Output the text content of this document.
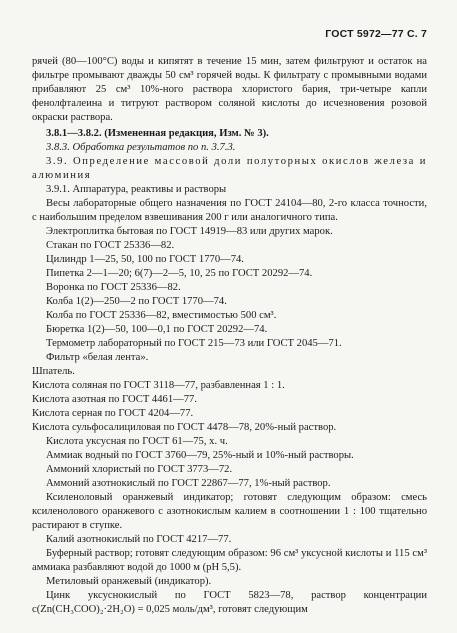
ГОСТ 5972—77 С. 7

рячей (80—100°С) воды и кипятят в течение 15 мин, затем фильтруют и остаток на фильтре промывают дважды 50 см³ горячей воды. К фильтрату с промывными водами прибавляют 25 см³ 10%-ного раствора хлористого бария, три-четыре капли фенолфталеина и титруют раствором соляной кислоты до исчезновения розовой окраски раствора.

3.8.1—3.8.2. (Измененная редакция, Изм. № 3).

3.8.3. Обработка результатов по п. 3.7.3.

3.9. Определение массовой доли полуторных окислов железа и алюминия

3.9.1. Аппаратура, реактивы и растворы

Весы лабораторные общего назначения по ГОСТ 24104—80, 2-го класса точности, с наибольшим пределом взвешивания 200 г или аналогичного типа.

Электроплитка бытовая по ГОСТ 14919—83 или других марок.

Стакан по ГОСТ 25336—82.

Цилиндр 1—25, 50, 100 по ГОСТ 1770—74.

Пипетка 2—1—20; 6(7)—2—5, 10, 25 по ГОСТ 20292—74.

Воронка по ГОСТ 25336—82.

Колба 1(2)—250—2 по ГОСТ 1770—74.

Колба по ГОСТ 25336—82, вместимостью 500 см³.

Бюретка 1(2)—50, 100—0,1 по ГОСТ 20292—74.

Термометр лабораторный по ГОСТ 215—73 или ГОСТ 2045—71.

Фильтр «белая лента».

Шпатель.

Кислота соляная по ГОСТ 3118—77, разбавленная 1 : 1.

Кислота азотная по ГОСТ 4461—77.

Кислота серная по ГОСТ 4204—77.

Кислота сульфосалициловая по ГОСТ 4478—78, 20%-ный раствор.

Кислота уксусная по ГОСТ 61—75, х. ч.

Аммиак водный по ГОСТ 3760—79, 25%-ный и 10%-ный растворы.

Аммоний хлористый по ГОСТ 3773—72.

Аммоний азотнокислый по ГОСТ 22867—77, 1%-ный раствор.

Ксиленоловый оранжевый индикатор; готовят следующим образом: смесь ксиленолового оранжевого с азотнокислым калием в соотношении 1 : 100 тщательно растирают в ступке.

Калий азотнокислый по ГОСТ 4217—77.

Буферный раствор; готовят следующим образом: 96 см³ уксусной кислоты и 115 см³ аммиака разбавляют водой до 1000 м (рН 5,5).

Метиловый оранжевый (индикатор).

Цинк уксуснокислый по ГОСТ 5823—78, раствор концентрации c(Zn(CH₃COO)₂·2H₂O) = 0,025 моль/дм³, готовят следующим
